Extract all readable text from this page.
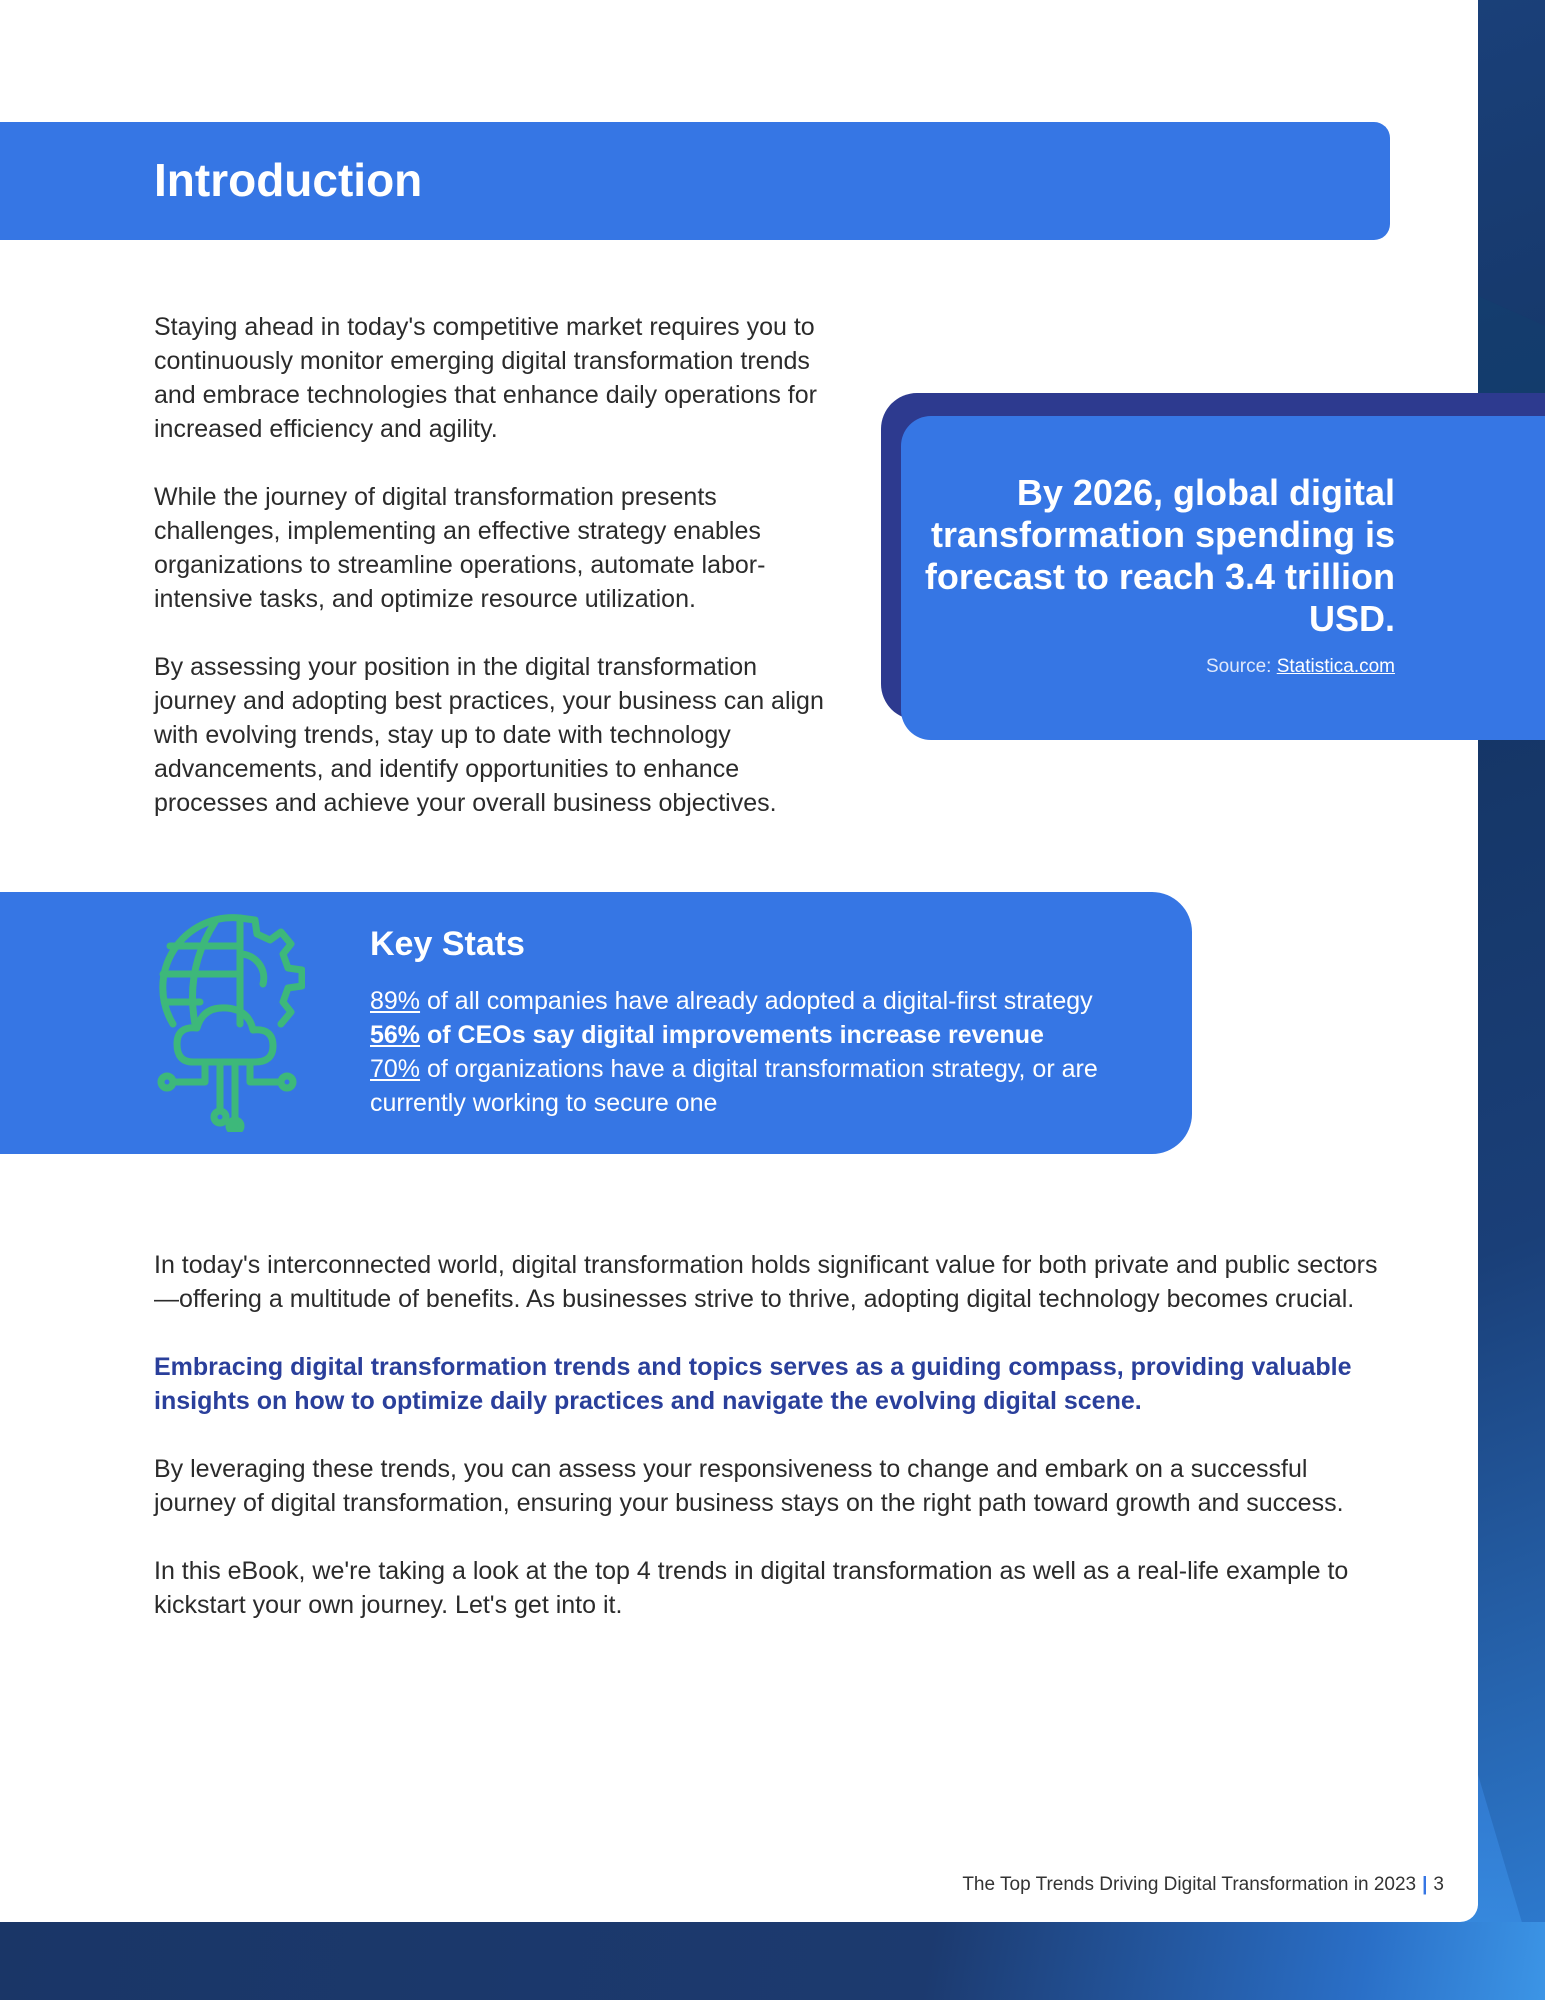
Introduction

Staying ahead in today's competitive market requires you to continuously monitor emerging digital transformation trends and embrace technologies that enhance daily operations for increased efficiency and agility.

While the journey of digital transformation presents challenges, implementing an effective strategy enables organizations to streamline operations, automate labor-intensive tasks, and optimize resource utilization.

By assessing your position in the digital transformation journey and adopting best practices, your business can align with evolving trends, stay up to date with technology advancements, and identify opportunities to enhance processes and achieve your overall business objectives.

By 2026, global digital transformation spending is forecast to reach 3.4 trillion USD.
Source: Statistica.com
Key Stats

89% of all companies have already adopted a digital-first strategy

56% of CEOs say digital improvements increase revenue

70% of organizations have a digital transformation strategy, or are currently working to secure one

In today's interconnected world, digital transformation holds significant value for both private and public sectors—offering a multitude of benefits. As businesses strive to thrive, adopting digital technology becomes crucial.

Embracing digital transformation trends and topics serves as a guiding compass, providing valuable insights on how to optimize daily practices and navigate the evolving digital scene.

By leveraging these trends, you can assess your responsiveness to change and embark on a successful journey of digital transformation, ensuring your business stays on the right path toward growth and success.

In this eBook, we're taking a look at the top 4 trends in digital transformation as well as a real-life example to kickstart your own journey. Let's get into it.

The Top Trends Driving Digital Transformation in 2023 | 3
